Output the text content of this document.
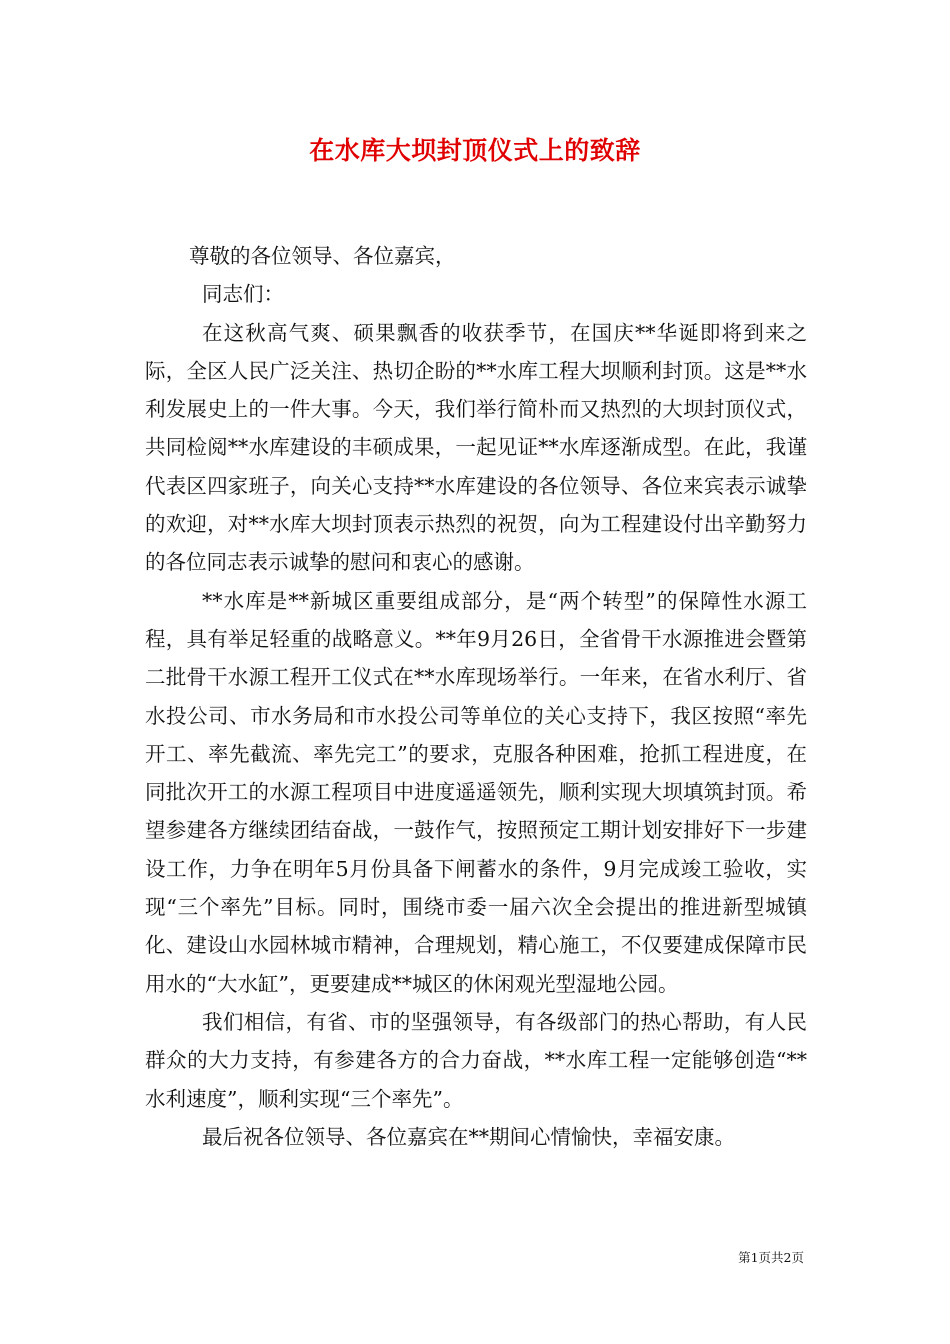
在水库大坝封顶仪式上的致辞

尊敬的各位领导、各位嘉宾，

同志们：

在这秋高气爽、硕果飘香的收获季节，在国庆**华诞即将到来之际，全区人民广泛关注、热切企盼的**水库工程大坝顺利封顶。这是**水利发展史上的一件大事。今天，我们举行简朴而又热烈的大坝封顶仪式，共同检阅**水库建设的丰硕成果，一起见证**水库逐渐成型。在此，我谨代表区四家班子，向关心支持**水库建设的各位领导、各位来宾表示诚挚的欢迎，对**水库大坝封顶表示热烈的祝贺，向为工程建设付出辛勤努力的各位同志表示诚挚的慰问和衷心的感谢。

**水库是**新城区重要组成部分，是“两个转型”的保障性水源工程，具有举足轻重的战略意义。**年9月26日，全省骨干水源推进会暨第二批骨干水源工程开工仪式在**水库现场举行。一年来，在省水利厅、省水投公司、市水务局和市水投公司等单位的关心支持下，我区按照“率先开工、率先截流、率先完工”的要求，克服各种困难，抢抓工程进度，在同批次开工的水源工程项目中进度遥遥领先，顺利实现大坝填筑封顶。希望参建各方继续团结奋战，一鼓作气，按照预定工期计划安排好下一步建设工作，力争在明年5月份具备下闸蓄水的条件，9月完成竣工验收，实现“三个率先”目标。同时，围绕市委一届六次全会提出的推进新型城镇化、建设山水园林城市精神，合理规划，精心施工，不仅要建成保障市民用水的“大水缸”，更要建成**城区的休闲观光型湿地公园。

我们相信，有省、市的坚强领导，有各级部门的热心帮助，有人民群众的大力支持，有参建各方的合力奋战，**水库工程一定能够创造“**水利速度”，顺利实现“三个率先”。

最后祝各位领导、各位嘉宾在**期间心情愉快，幸福安康。

第1页共2页
